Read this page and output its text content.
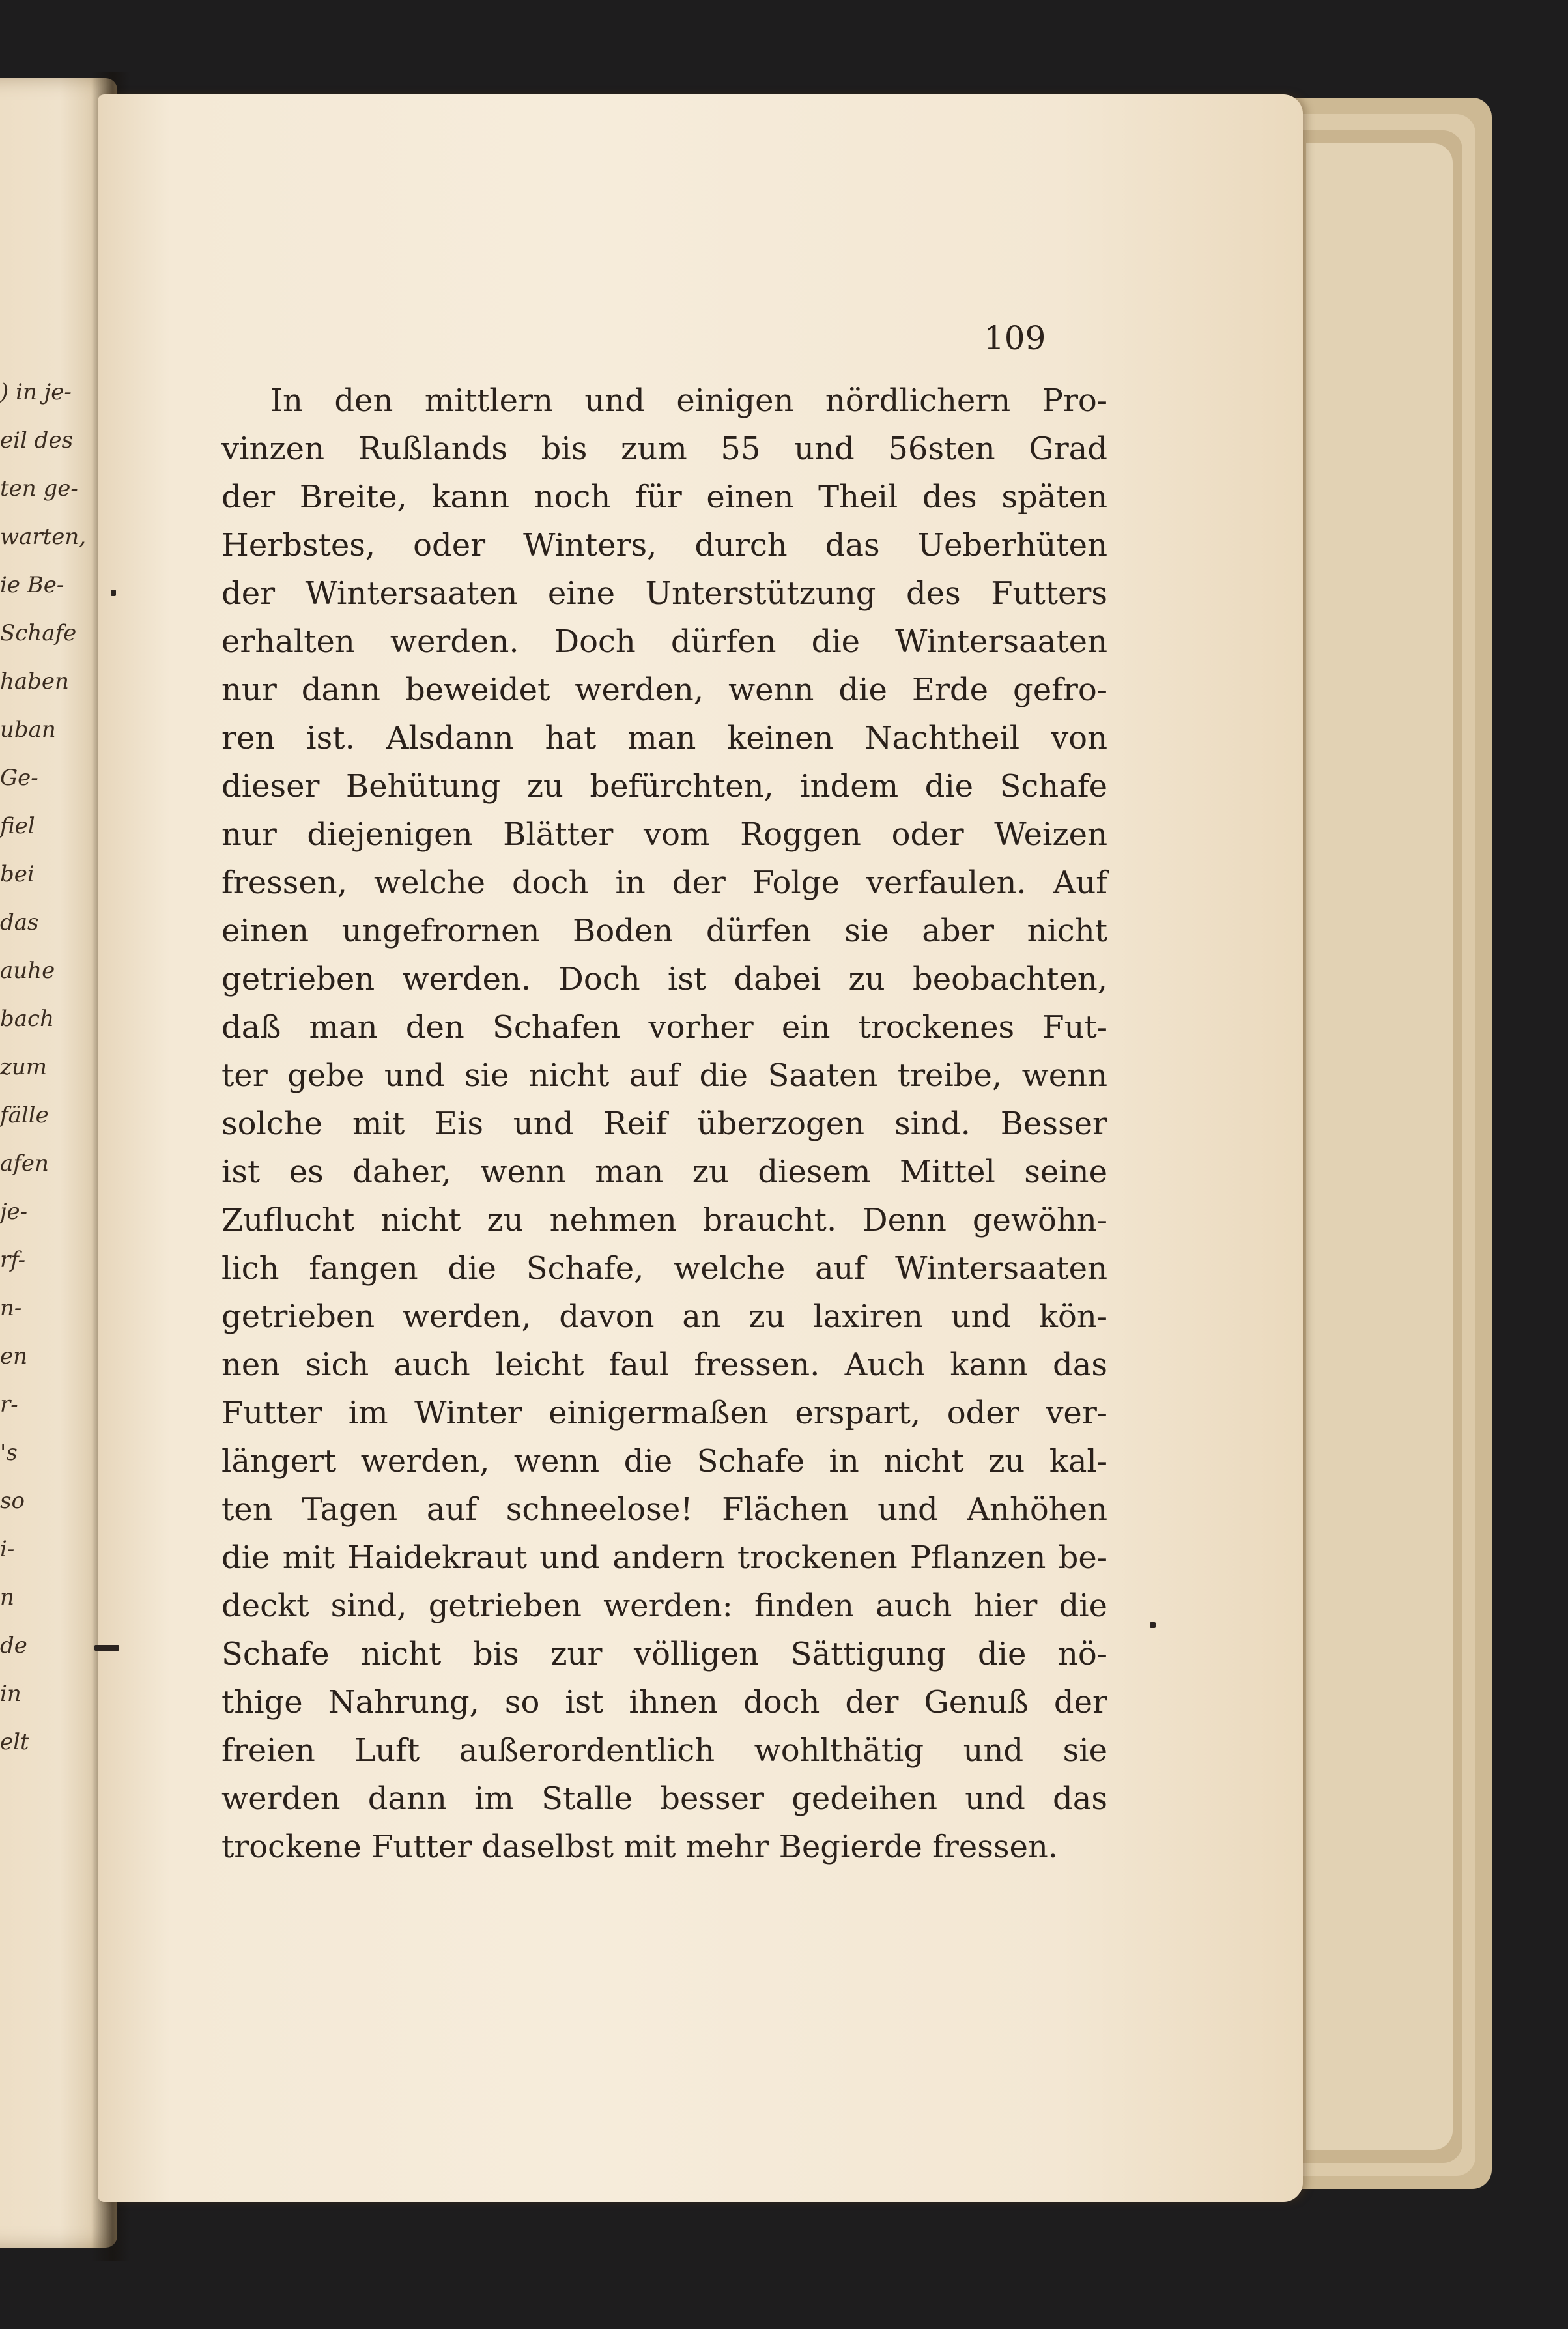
) in je-
eil des
ten ge-
warten,
ie Be-
Schafe
haben
uban
Ge-
fiel
bei
das
auhe
bach
zum
fälle
afen
je-
rf-
n-
en
r-
's
so
i-
n
de
in
elt
109
In den mittlern und einigen nördlichern Pro-
vinzen Rußlands bis zum 55 und 56sten Grad
der Breite, kann noch für einen Theil des späten
Herbstes, oder Winters, durch das Ueberhüten
der Wintersaaten eine Unterstützung des Futters
erhalten werden. Doch dürfen die Wintersaaten
nur dann beweidet werden, wenn die Erde gefro-
ren ist. Alsdann hat man keinen Nachtheil von
dieser Behütung zu befürchten, indem die Schafe
nur diejenigen Blätter vom Roggen oder Weizen
fressen, welche doch in der Folge verfaulen. Auf
einen ungefrornen Boden dürfen sie aber nicht
getrieben werden. Doch ist dabei zu beobachten,
daß man den Schafen vorher ein trockenes Fut-
ter gebe und sie nicht auf die Saaten treibe, wenn
solche mit Eis und Reif überzogen sind. Besser
ist es daher, wenn man zu diesem Mittel seine
Zuflucht nicht zu nehmen braucht. Denn gewöhn-
lich fangen die Schafe, welche auf Wintersaaten
getrieben werden, davon an zu laxiren und kön-
nen sich auch leicht faul fressen. Auch kann das
Futter im Winter einigermaßen erspart, oder ver-
längert werden, wenn die Schafe in nicht zu kal-
ten Tagen auf schneelose! Flächen und Anhöhen
die mit Haidekraut und andern trockenen Pflanzen be-
deckt sind, getrieben werden: finden auch hier die
Schafe nicht bis zur völligen Sättigung die nö-
thige Nahrung, so ist ihnen doch der Genuß der
freien Luft außerordentlich wohlthätig und sie
werden dann im Stalle besser gedeihen und das
trockene Futter daselbst mit mehr Begierde fressen.
